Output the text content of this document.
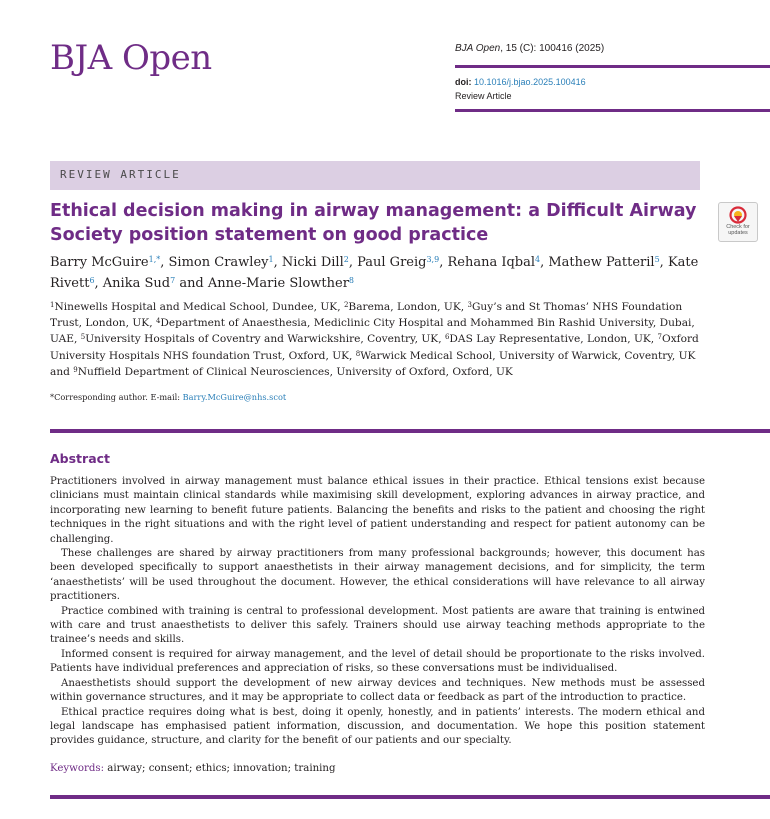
BJA Open	BJA Open, 15 (C): 100416 (2025)
doi: 10.1016/j.bjao.2025.100416
Review Article
REVIEW ARTICLE
Ethical decision making in airway management: a Difficult Airway Society position statement on good practice	Check for
updates
Barry McGuire$^{1,*}$, Simon Crawley$^1$, Nicki Dill$^2$, Paul Greig$^{3,9}$, Rehana Iqbal$^4$, Mathew Patteril$^5$, Kate Rivett$^6$, Anika Sud$^7$ and Anne-Marie Slowther$^8$
$^1$Ninewells Hospital and Medical School, Dundee, UK, $^2$Barema, London, UK, $^3$Guy’s and St Thomas’ NHS Foundation Trust, London, UK, $^4$Department of Anaesthesia, Mediclinic City Hospital and Mohammed Bin Rashid University, Dubai, UAE, $^5$University Hospitals of Coventry and Warwickshire, Coventry, UK, $^6$DAS Lay Representative, London, UK, $^7$Oxford University Hospitals NHS foundation Trust, Oxford, UK, $^8$Warwick Medical School, University of Warwick, Coventry, UK and $^9$Nuffield Department of Clinical Neurosciences, University of Oxford, Oxford, UK
*Corresponding author. E-mail: Barry.McGuire@nhs.scot
Abstract

Practitioners involved in airway management must balance ethical issues in their practice. Ethical tensions exist because clinicians must maintain clinical standards while maximising skill development, exploring advances in airway practice, and incorporating new learning to benefit future patients. Balancing the benefits and risks to the patient and choosing the right techniques in the right situations and with the right level of patient understanding and respect for patient autonomy can be challenging.

These challenges are shared by airway practitioners from many professional backgrounds; however, this document has been developed specifically to support anaesthetists in their airway management decisions, and for simplicity, the term ‘anaesthetists’ will be used throughout the document. However, the ethical considerations will have relevance to all airway practitioners.

Practice combined with training is central to professional development. Most patients are aware that training is entwined with care and trust anaesthetists to deliver this safely. Trainers should use airway teaching methods appropriate to the trainee’s needs and skills.

Informed consent is required for airway management, and the level of detail should be proportionate to the risks involved. Patients have individual preferences and appreciation of risks, so these conversations must be individualised.

Anaesthetists should support the development of new airway devices and techniques. New methods must be assessed within governance structures, and it may be appropriate to collect data or feedback as part of the introduction to practice.

Ethical practice requires doing what is best, doing it openly, honestly, and in patients’ interests. The modern ethical and legal landscape has emphasised patient information, discussion, and documentation. We hope this position statement provides guidance, structure, and clarity for the benefit of our patients and our specialty.

Keywords: airway; consent; ethics; innovation; training
